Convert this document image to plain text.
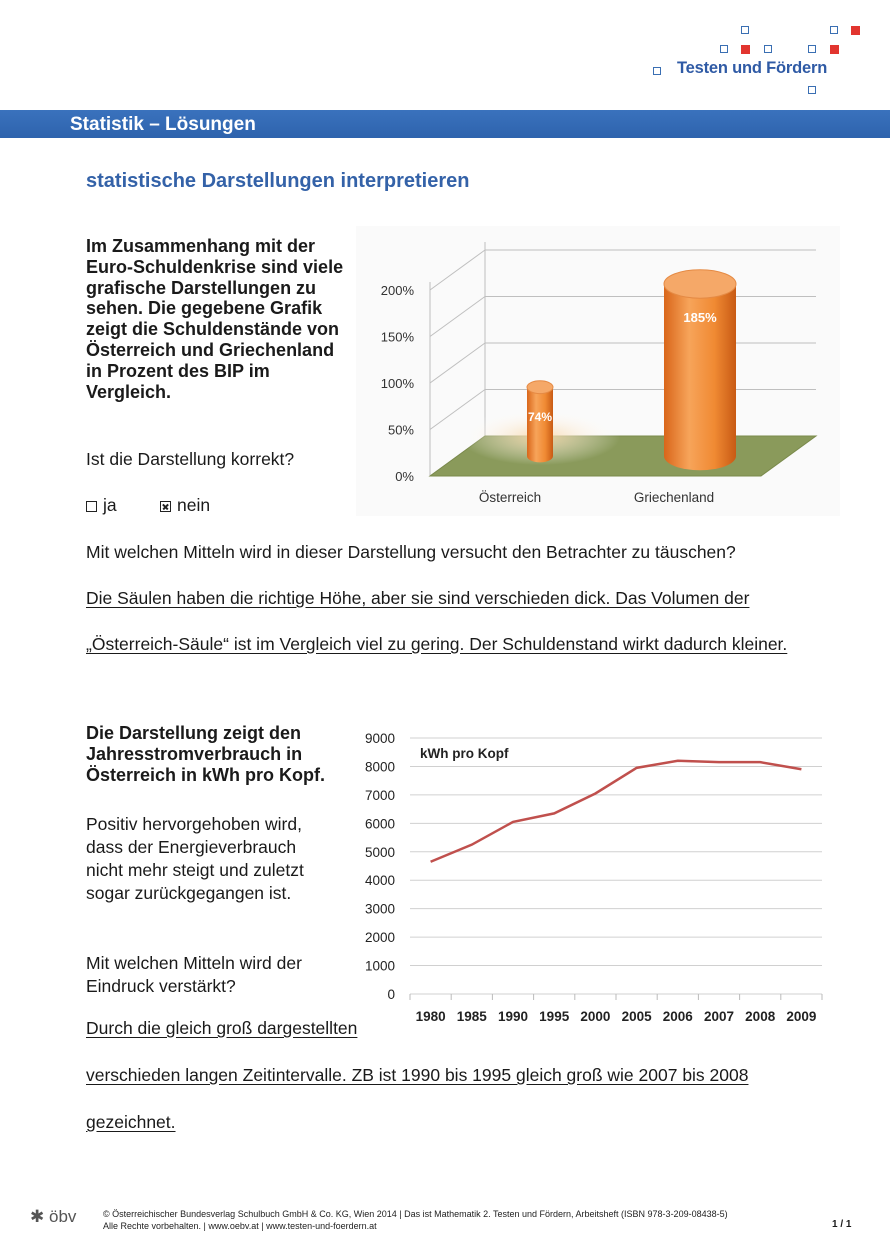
Testen und Fördern
Statistik – Lösungen
statistische Darstellungen interpretieren
Im Zusammenhang mit der Euro-Schuldenkrise sind viele grafische Darstellungen zu sehen. Die gegebene Grafik zeigt die Schuldenstände von Österreich und Griechenland in Prozent des BIP im Vergleich.
Ist die Darstellung korrekt?
ja	nein
0%
50%
100%
150%
200%
74%
Österreich
185%
Griechenland
Mit welchen Mitteln wird in dieser Darstellung versucht den Betrachter zu täuschen?
Die Säulen haben die richtige Höhe, aber sie sind verschieden dick. Das Volumen der
„Österreich-Säule“ ist im Vergleich viel zu gering. Der Schuldenstand wirkt dadurch kleiner.
Die Darstellung zeigt den Jahresstromverbrauch in Österreich in kWh pro Kopf.
Positiv hervorgehoben wird, dass der Energieverbrauch nicht mehr steigt und zuletzt sogar zurückgegangen ist.
Mit welchen Mitteln wird der Eindruck verstärkt?
Durch die gleich groß dargestellten
verschieden langen Zeitintervalle. ZB ist 1990 bis 1995 gleich groß wie 2007 bis 2008
gezeichnet.
0
1000
2000
3000
4000
5000
6000
7000
8000
9000
1980 1985 1990 1995 2000 2005 2006 2007 2008 2009
kWh pro Kopf
✱ öbv	© Österreichischer Bundesverlag Schulbuch GmbH & Co. KG, Wien 2014 | Das ist Mathematik 2. Testen und Fördern, Arbeitsheft (ISBN 978-3-209-08438-5)
Alle Rechte vorbehalten. | www.oebv.at | www.testen-und-foerdern.at	1 / 1
